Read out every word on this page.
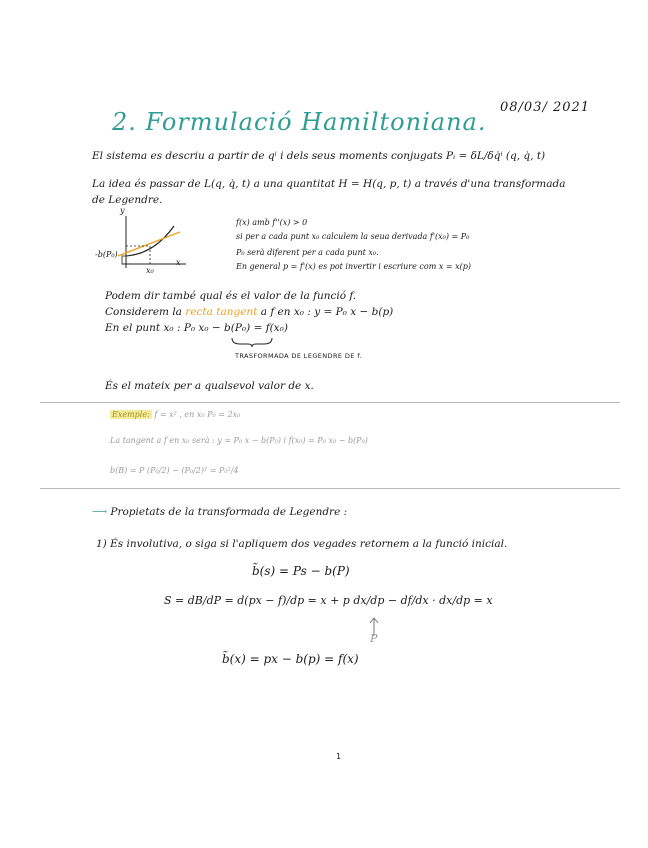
08/03/ 2021
2. Formulació Hamiltoniana.
El sistema es descriu a partir de qⁱ i dels seus moments conjugats Pᵢ = δL/δq̇ⁱ (q, q̇, t)
La idea és passar de L(q, q̇, t) a una quantitat H = H(q, p, t) a través d'una transformada
de Legendre.
y
x
-b(P₀)
x₀
f(x) amb f''(x) > 0
si per a cada punt x₀ calculem la seua derivada f'(x₀) = P₀
P₀ serà diferent per a cada punt x₀.
En general p = f'(x) es pot invertir i escriure com x = x(p)
Podem dir també qual és el valor de la funció f.
Considerem la recta tangent a f en x₀ : y = P₀ x − b(p)
En el punt x₀ : P₀ x₀ − b(P₀) = f(x₀)
TRASFORMADA DE LEGENDRE DE f.
És el mateix per a qualsevol valor de x.
Exemple: f = x² , en x₀ P₀ = 2x₀
La tangent a f en x₀ serà : y = P₀ x − b(P₀) i f(x₀) = P₀ x₀ − b(P₀)
b(B) = P (P₀/2) − (P₀/2)² = P₀²/4
⟶ Propietats de la transformada de Legendre :
1) És involutiva, o siga si l'apliquem dos vegades retornem a la funció inicial.
b̃(s) = Ps − b(P)
S = dB/dP = d(px − f)/dp = x + p dx/dp − df/dx · dx/dp = x
P
b̃(x) = px − b(p) = f(x)
1
